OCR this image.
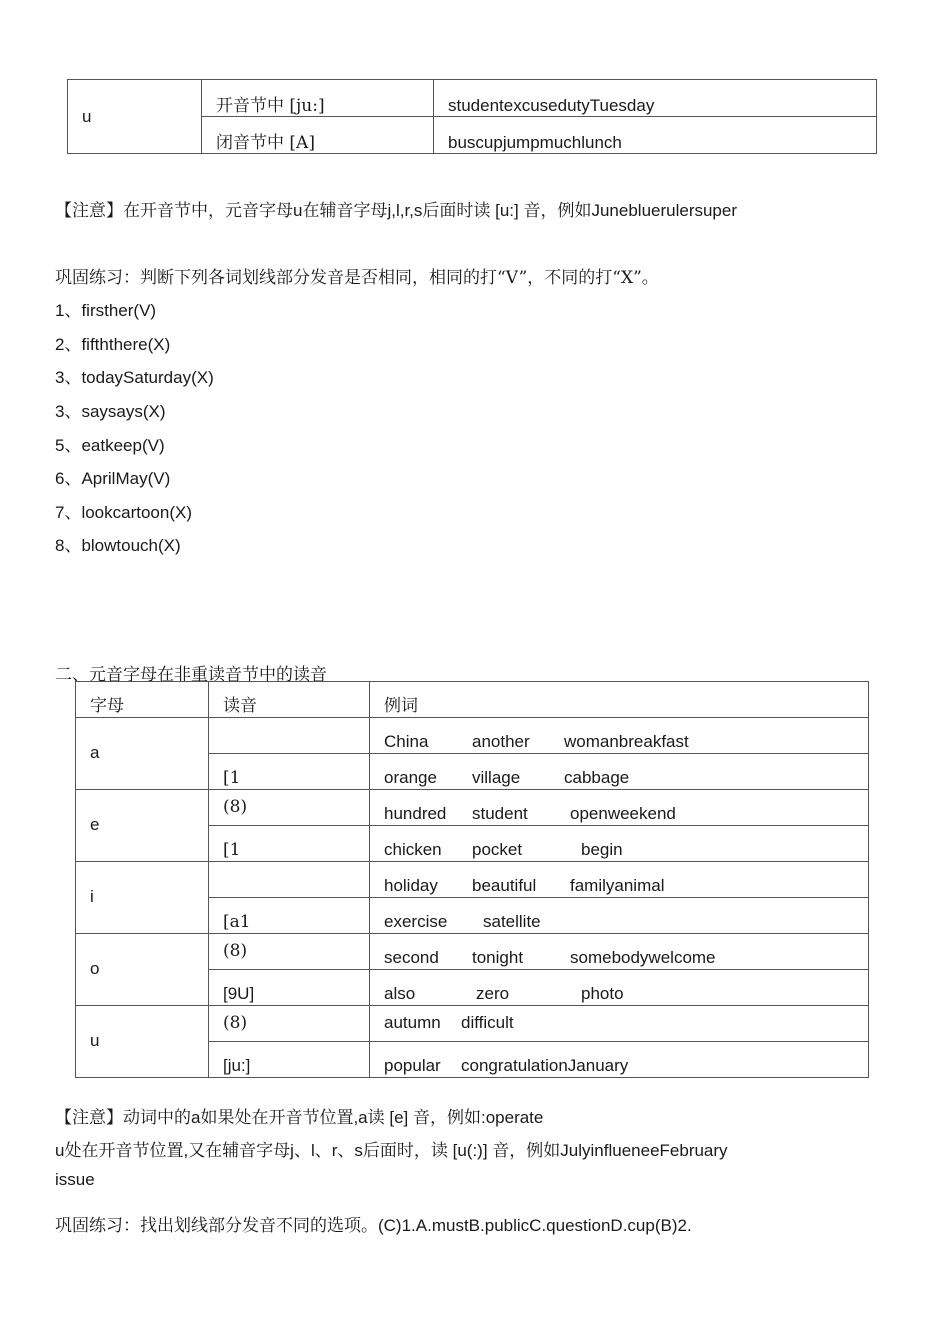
u	开音节中 [ju:]	studentexcusedutyTuesday
	闭音节中 [A]	buscupjumpmuchlunch
【注意】在开音节中，元音字母u在辅音字母j,l,r,s后面时读 [u:] 音，例如Junebluerulersuper
巩固练习：判断下列各词划线部分发音是否相同，相同的打“V”，不同的打“X”。
1、firsther(V)
2、fifththere(X)
3、todaySaturday(X)
3、saysays(X)
5、eatkeep(V)
6、AprilMay(V)
7、lookcartoon(X)
8、blowtouch(X)
二、元音字母在非重读音节中的读音
字母	读音	例词
a		China another womanbreakfast
	[1	orange village cabbage
e	(8)	hundred student openweekend
	[1	chicken pocket begin
i		holiday beautiful familyanimal
	[a1	exercise satellite
o	(8)	second tonight somebodywelcome
	[9U]	also zero photo
u	(8)	autumn difficult
	[ju:]	popular congratulationJanuary
【注意】动词中的a如果处在开音节位置,a读 [e] 音，例如:operate
u处在开音节位置,又在辅音字母j、l、r、s后面时，读 [u(:)] 音，例如JulyinflueneeFebruary
issue
巩固练习：找出划线部分发音不同的选项。(C)1.A.mustB.publicC.questionD.cup(B)2.
